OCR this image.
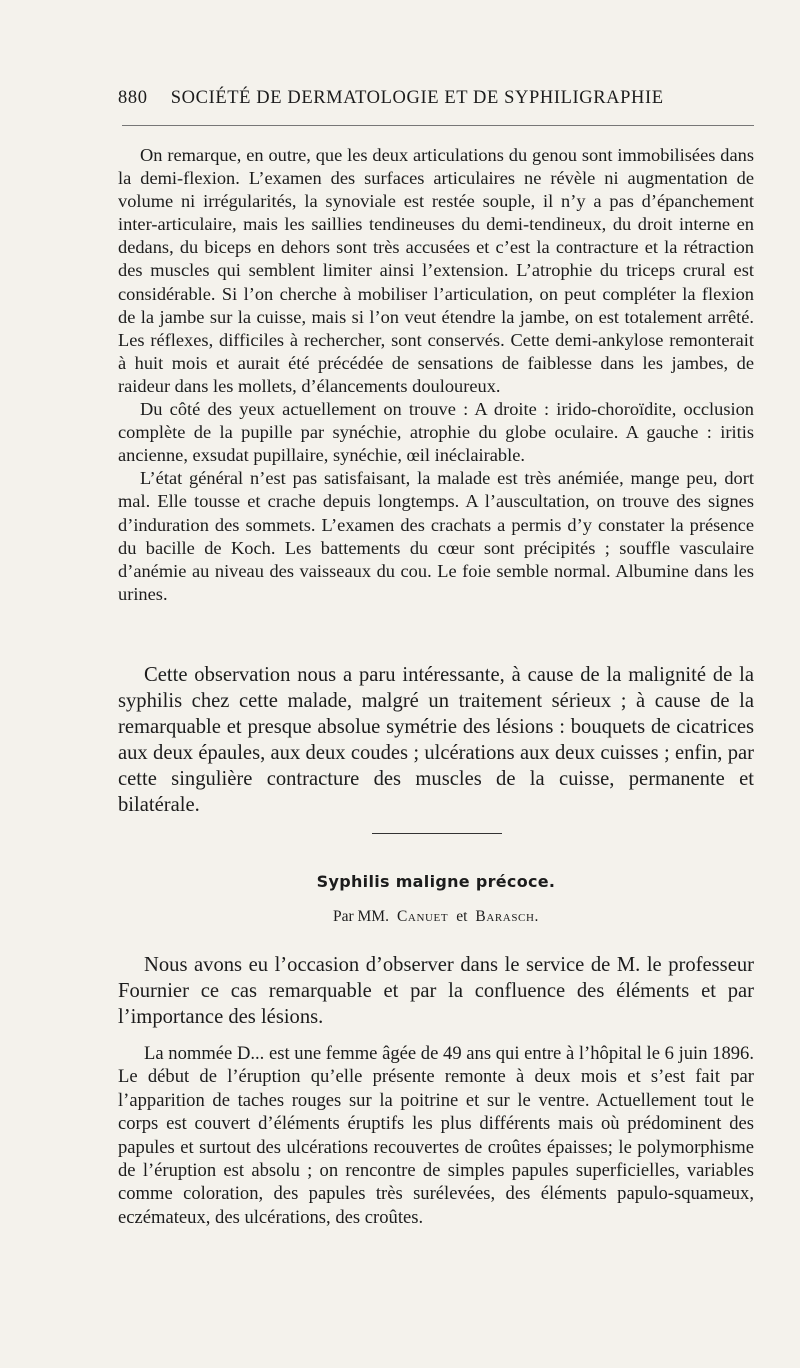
880 SOCIÉTÉ DE DERMATOLOGIE ET DE SYPHILIGRAPHIE

On remarque, en outre, que les deux articulations du genou sont immobilisées dans la demi-flexion. L’examen des surfaces articulaires ne révèle ni augmentation de volume ni irrégularités, la synoviale est restée souple, il n’y a pas d’épanchement inter-articulaire, mais les saillies tendineuses du demi-tendineux, du droit interne en dedans, du biceps en dehors sont très accusées et c’est la contracture et la rétraction des muscles qui semblent limiter ainsi l’extension. L’atrophie du triceps crural est considérable. Si l’on cherche à mobiliser l’articulation, on peut compléter la flexion de la jambe sur la cuisse, mais si l’on veut étendre la jambe, on est totalement arrêté. Les réflexes, difficiles à rechercher, sont conservés. Cette demi-ankylose remonterait à huit mois et aurait été précédée de sensations de faiblesse dans les jambes, de raideur dans les mollets, d’élancements douloureux.

Du côté des yeux actuellement on trouve : A droite : irido-choroïdite, occlusion complète de la pupille par synéchie, atrophie du globe oculaire. A gauche : iritis ancienne, exsudat pupillaire, synéchie, œil inéclairable.

L’état général n’est pas satisfaisant, la malade est très anémiée, mange peu, dort mal. Elle tousse et crache depuis longtemps. A l’auscultation, on trouve des signes d’induration des sommets. L’examen des crachats a permis d’y constater la présence du bacille de Koch. Les battements du cœur sont précipités ; souffle vasculaire d’anémie au niveau des vaisseaux du cou. Le foie semble normal. Albumine dans les urines.

Cette observation nous a paru intéressante, à cause de la malignité de la syphilis chez cette malade, malgré un traitement sérieux ; à cause de la remarquable et presque absolue symétrie des lésions : bouquets de cicatrices aux deux épaules, aux deux coudes ; ulcérations aux deux cuisses ; enfin, par cette singulière contracture des muscles de la cuisse, permanente et bilatérale.

Syphilis maligne précoce.
Par MM. Canuet et Barasch.

Nous avons eu l’occasion d’observer dans le service de M. le professeur Fournier ce cas remarquable et par la confluence des éléments et par l’importance des lésions.

La nommée D... est une femme âgée de 49 ans qui entre à l’hôpital le 6 juin 1896. Le début de l’éruption qu’elle présente remonte à deux mois et s’est fait par l’apparition de taches rouges sur la poitrine et sur le ventre. Actuellement tout le corps est couvert d’éléments éruptifs les plus différents mais où prédominent des papules et surtout des ulcérations recouvertes de croûtes épaisses; le polymorphisme de l’éruption est absolu ; on rencontre de simples papules superficielles, variables comme coloration, des papules très surélevées, des éléments papulo-squameux, eczémateux, des ulcérations, des croûtes.
